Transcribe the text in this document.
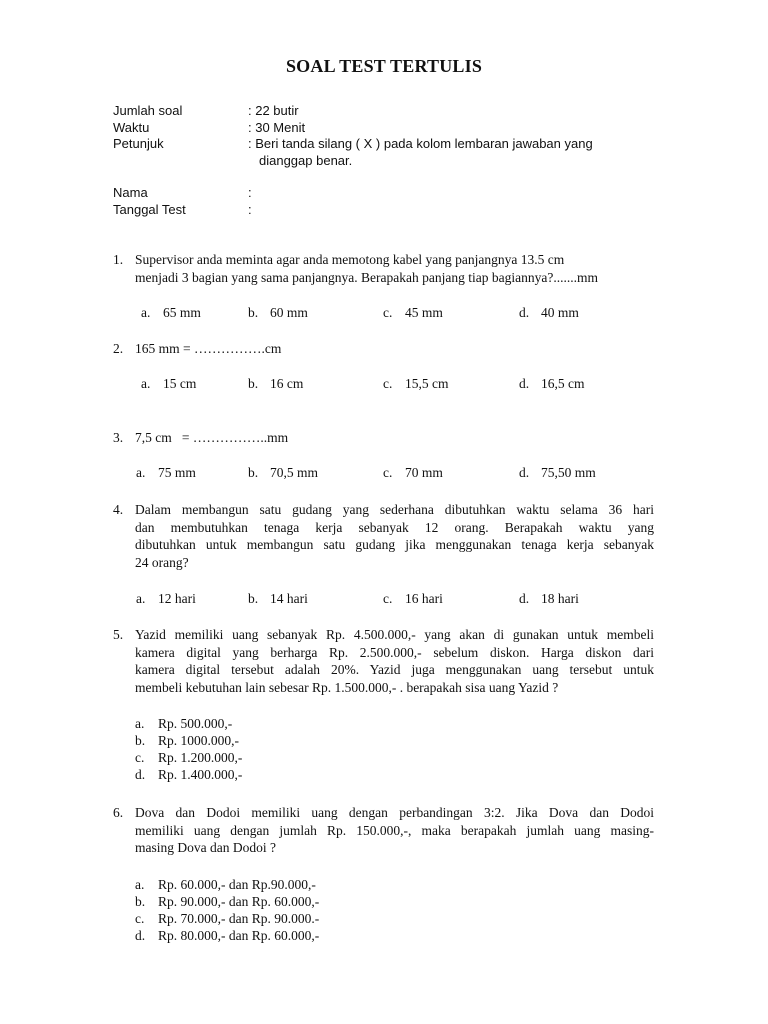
SOAL TEST TERTULIS
Jumlah soal	: 22 butir
Waktu	: 30 Menit
Petunjuk	: Beri tanda silang ( X ) pada kolom lembaran jawaban yang
dianggap benar.
Nama	:
Tanggal Test	:
1. Supervisor anda meminta agar anda memotong kabel yang panjangnya 13.5 cm
menjadi 3 bagian yang sama panjangnya. Berapakah panjang tiap bagiannya?.......mm
a. 65 mm	b. 60 mm	c. 45 mm	d. 40 mm
2. 165 mm = …………….cm
a. 15 cm	b. 16 cm	c. 15,5 cm	d. 16,5 cm
3. 7,5 cm   = ……………..mm
a. 75 mm	b. 70,5 mm	c. 70 mm	d. 75,50 mm
4. Dalam membangun satu gudang yang sederhana dibutuhkan waktu selama 36 hari
dan membutuhkan tenaga kerja sebanyak 12 orang. Berapakah waktu yang
dibutuhkan untuk membangun satu gudang jika menggunakan tenaga kerja sebanyak
24 orang?
a. 12 hari	b. 14 hari	c. 16 hari	d. 18 hari
5. Yazid memiliki uang sebanyak Rp. 4.500.000,- yang akan di gunakan untuk membeli
kamera digital yang berharga Rp. 2.500.000,- sebelum diskon. Harga diskon dari
kamera digital tersebut adalah 20%. Yazid juga menggunakan uang tersebut untuk
membeli kebutuhan lain sebesar Rp. 1.500.000,- . berapakah sisa uang Yazid ?
a. Rp. 500.000,-
b. Rp. 1000.000,-
c. Rp. 1.200.000,-
d. Rp. 1.400.000,-
6. Dova dan Dodoi memiliki uang dengan perbandingan 3:2. Jika Dova dan Dodoi
memiliki uang dengan jumlah Rp. 150.000,-, maka berapakah jumlah uang masing-
masing Dova dan Dodoi ?
a. Rp. 60.000,- dan Rp.90.000,-
b. Rp. 90.000,- dan Rp. 60.000,-
c. Rp. 70.000,- dan Rp. 90.000.-
d. Rp. 80.000,- dan Rp. 60.000,-
